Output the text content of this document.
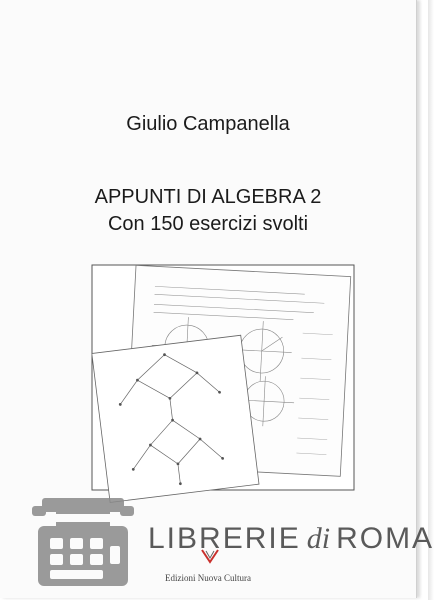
Giulio Campanella
APPUNTI DI ALGEBRA 2
Con 150 esercizi svolti
LIBRERIE di ROMA
Edizioni Nuova Cultura
